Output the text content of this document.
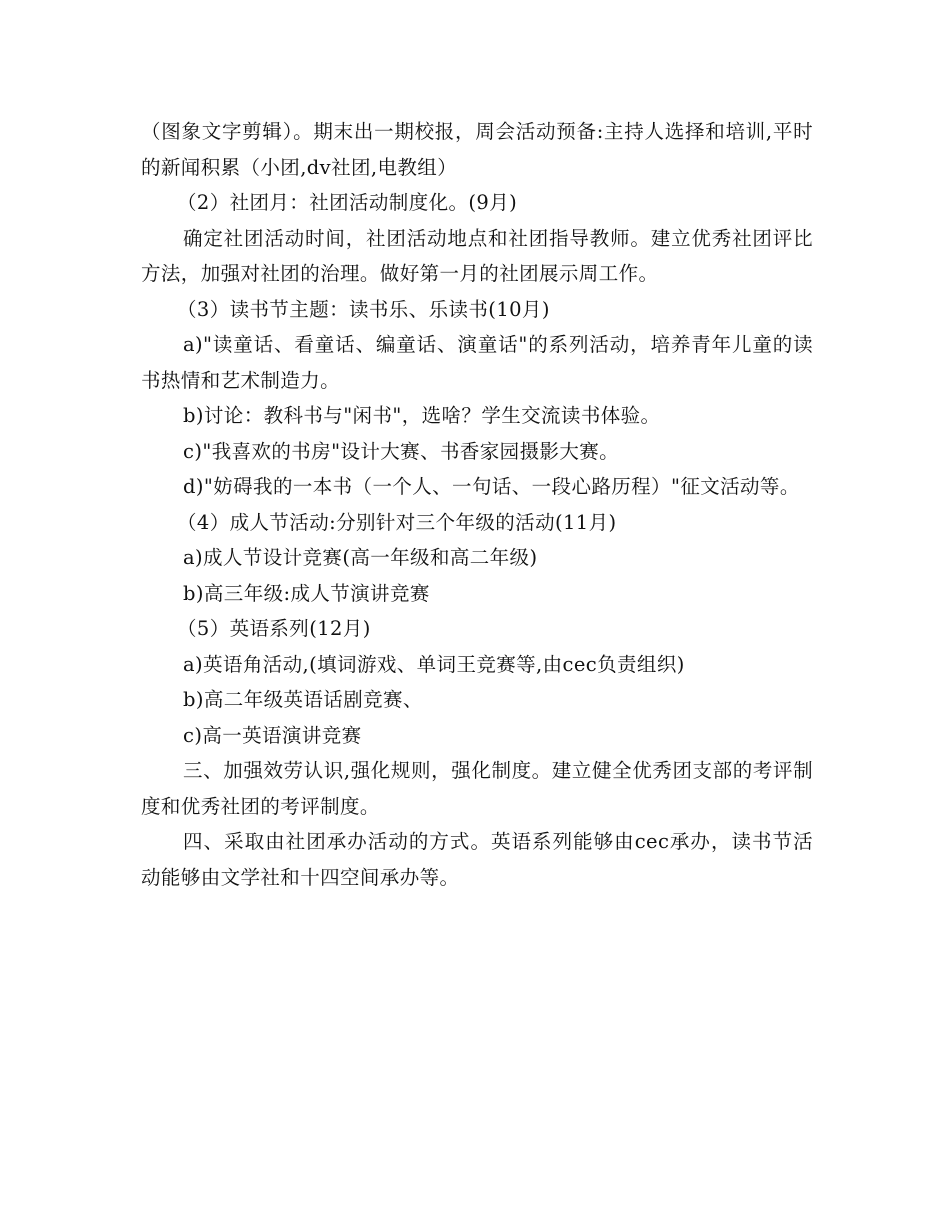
（图象文字剪辑）。期末出一期校报，周会活动预备:主持人选择和培训,平时的新闻积累（小团,dv社团,电教组）

（2）社团月：社团活动制度化。(9月)

确定社团活动时间，社团活动地点和社团指导教师。建立优秀社团评比方法，加强对社团的治理。做好第一月的社团展示周工作。

（3）读书节主题：读书乐、乐读书(10月)

a)"读童话、看童话、编童话、演童话"的系列活动，培养青年儿童的读书热情和艺术制造力。

b)讨论：教科书与"闲书"，选啥？学生交流读书体验。

c)"我喜欢的书房"设计大赛、书香家园摄影大赛。

d)"妨碍我的一本书（一个人、一句话、一段心路历程）"征文活动等。

（4）成人节活动:分别针对三个年级的活动(11月)

a)成人节设计竞赛(高一年级和高二年级)

b)高三年级:成人节演讲竞赛

（5）英语系列(12月)

a)英语角活动,(填词游戏、单词王竞赛等,由cec负责组织)

b)高二年级英语话剧竞赛、

c)高一英语演讲竞赛

三、加强效劳认识,强化规则，强化制度。建立健全优秀团支部的考评制度和优秀社团的考评制度。

四、采取由社团承办活动的方式。英语系列能够由cec承办，读书节活动能够由文学社和十四空间承办等。
